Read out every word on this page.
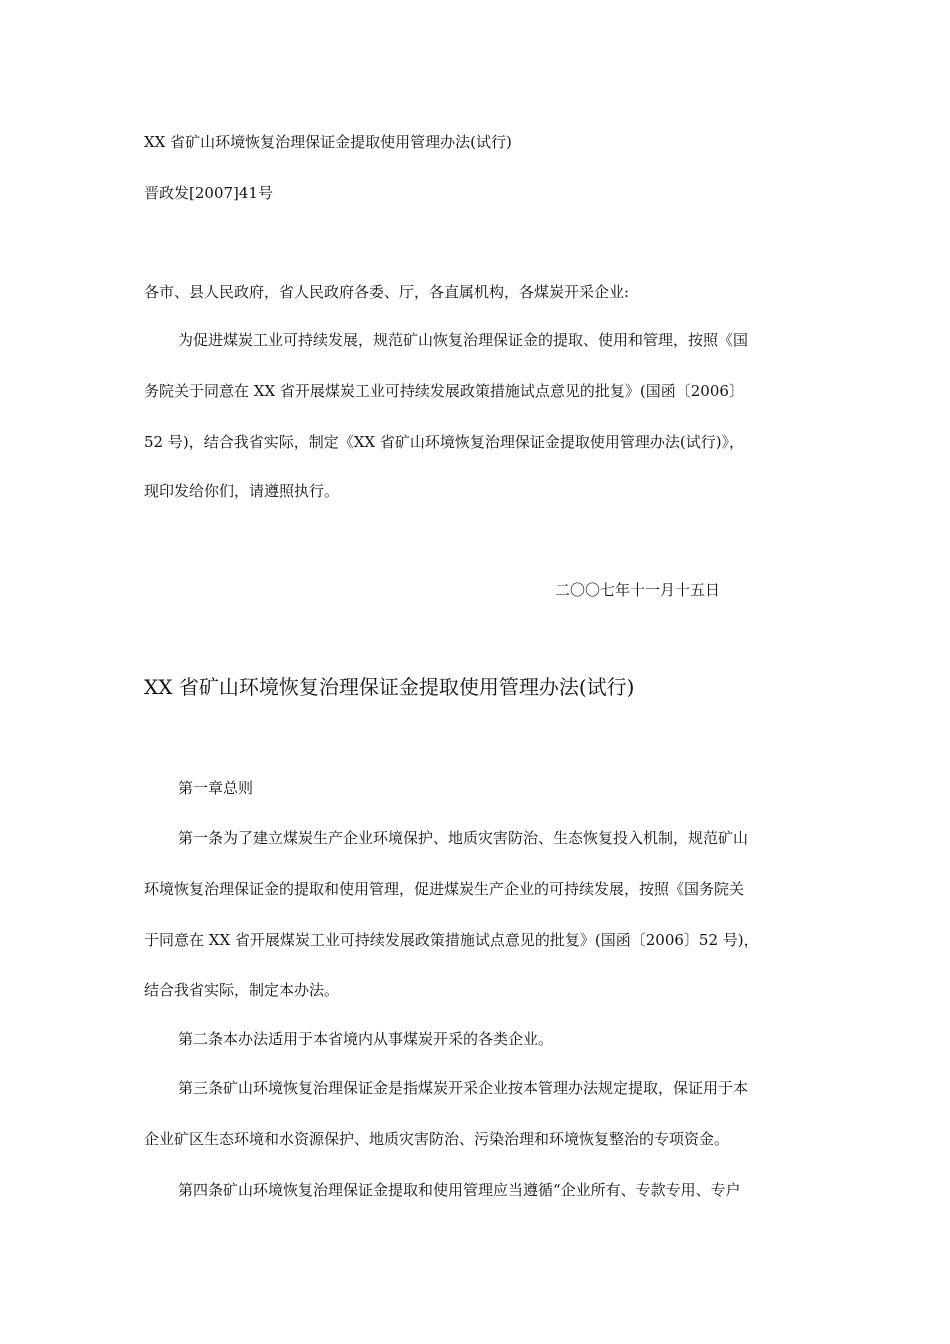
XX 省矿山环境恢复治理保证金提取使用管理办法(试行)
晋政发[2007]41号
各市、县人民政府，省人民政府各委、厅，各直属机构，各煤炭开采企业:
为促进煤炭工业可持续发展，规范矿山恢复治理保证金的提取、使用和管理，按照《国
务院关于同意在 XX 省开展煤炭工业可持续发展政策措施试点意见的批复》(国函〔2006〕
52 号)，结合我省实际，制定《XX 省矿山环境恢复治理保证金提取使用管理办法(试行)》，
现印发给你们，请遵照执行。
二〇〇七年十一月十五日
XX 省矿山环境恢复治理保证金提取使用管理办法(试行)
第一章总则
第一条为了建立煤炭生产企业环境保护、地质灾害防治、生态恢复投入机制，规范矿山
环境恢复治理保证金的提取和使用管理，促进煤炭生产企业的可持续发展，按照《国务院关
于同意在 XX 省开展煤炭工业可持续发展政策措施试点意见的批复》(国函〔2006〕52 号)，
结合我省实际，制定本办法。
第二条本办法适用于本省境内从事煤炭开采的各类企业。
第三条矿山环境恢复治理保证金是指煤炭开采企业按本管理办法规定提取，保证用于本
企业矿区生态环境和水资源保护、地质灾害防治、污染治理和环境恢复整治的专项资金。
第四条矿山环境恢复治理保证金提取和使用管理应当遵循“企业所有、专款专用、专户
